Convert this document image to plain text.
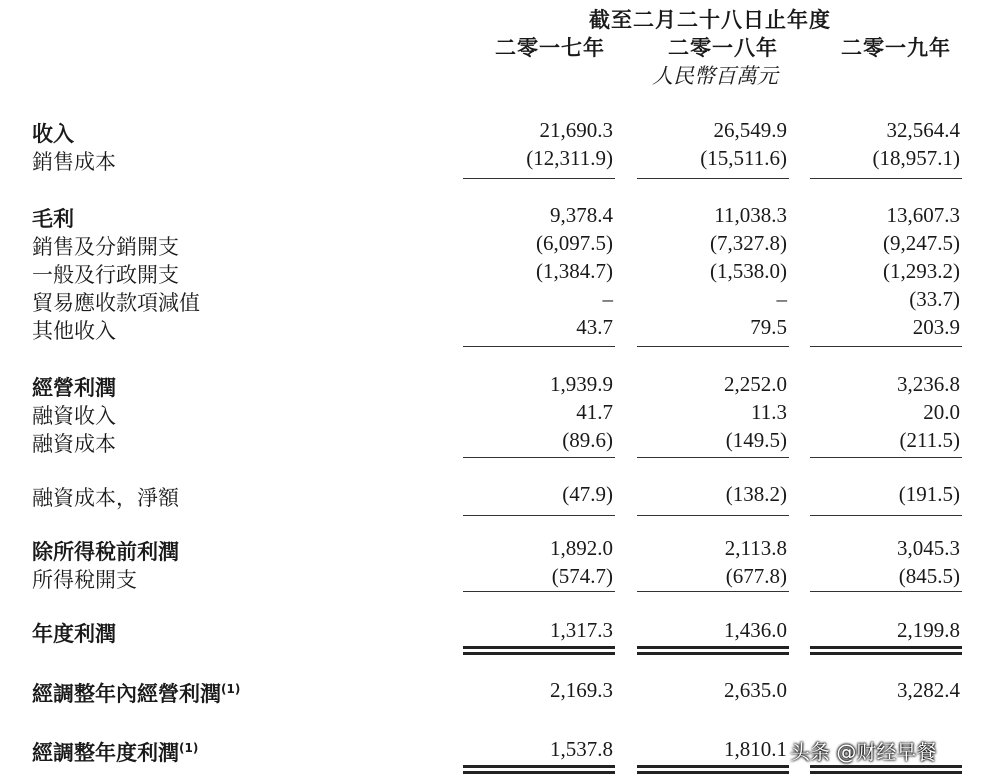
截至二月二十八日止年度
二零一七年	二零一八年	二零一九年
人民幣百萬元
收入	21,690.3	26,549.9	32,564.4
銷售成本	(12,311.9)	(15,511.6)	(18,957.1)
毛利	9,378.4	11,038.3	13,607.3
銷售及分銷開支	(6,097.5)	(7,327.8)	(9,247.5)
一般及行政開支	(1,384.7)	(1,538.0)	(1,293.2)
貿易應收款項減值	–	–	(33.7)
其他收入	43.7	79.5	203.9
經營利潤	1,939.9	2,252.0	3,236.8
融資收入	41.7	11.3	20.0
融資成本	(89.6)	(149.5)	(211.5)
融資成本，淨額	(47.9)	(138.2)	(191.5)
除所得稅前利潤	1,892.0	2,113.8	3,045.3
所得稅開支	(574.7)	(677.8)	(845.5)
年度利潤	1,317.3	1,436.0	2,199.8
經調整年內經營利潤$^{(1)}$	2,169.3	2,635.0	3,282.4
經調整年度利潤$^{(1)}$	1,537.8	1,810.1 头条 @财经早餐
